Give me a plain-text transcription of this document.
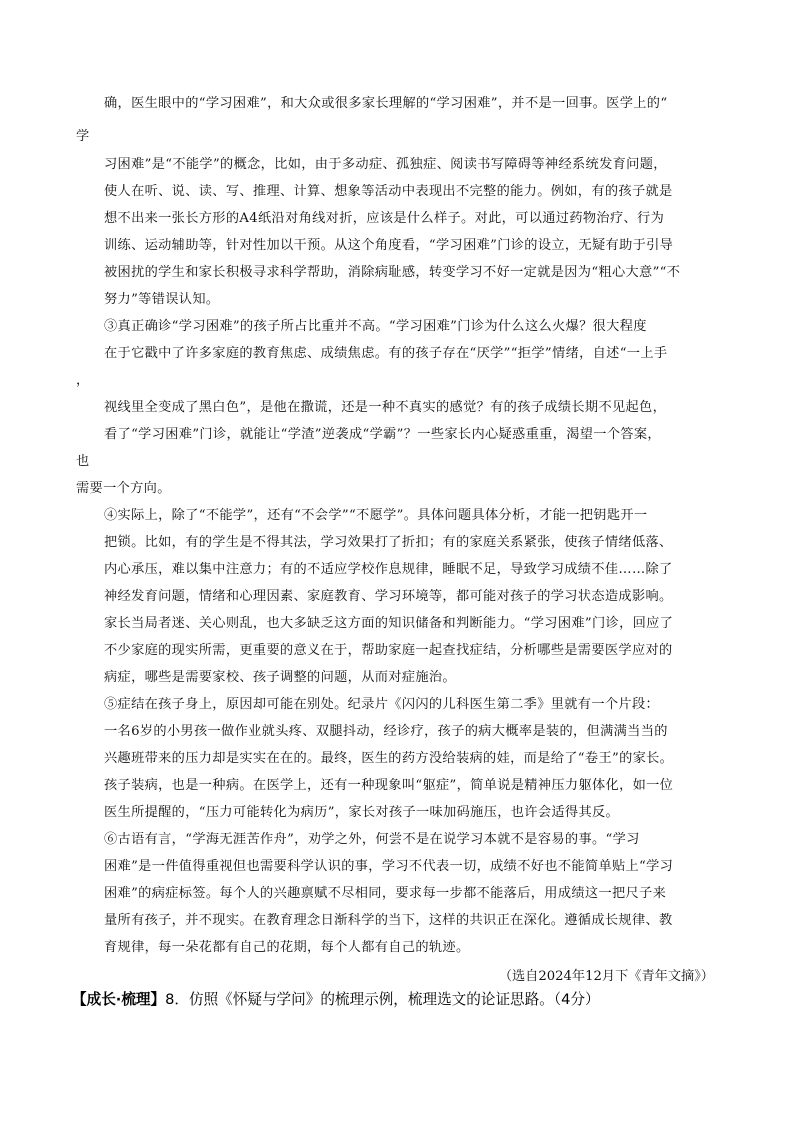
确，医生眼中的“学习困难”，和大众或很多家长理解的“学习困难”，并不是一回事。医学上的“
学
习困难”是“不能学”的概念，比如，由于多动症、孤独症、阅读书写障碍等神经系统发育问题，
使人在听、说、读、写、推理、计算、想象等活动中表现出不完整的能力。例如，有的孩子就是
想不出来一张长方形的A4纸沿对角线对折，应该是什么样子。对此，可以通过药物治疗、行为
训练、运动辅助等，针对性加以干预。从这个角度看，“学习困难”门诊的设立，无疑有助于引导
被困扰的学生和家长积极寻求科学帮助，消除病耻感，转变学习不好一定就是因为“粗心大意”“不
努力”等错误认知。
③真正确诊“学习困难”的孩子所占比重并不高。“学习困难”门诊为什么这么火爆？很大程度
在于它戳中了许多家庭的教育焦虑、成绩焦虑。有的孩子存在“厌学”“拒学”情绪，自述“一上手
，
视线里全变成了黑白色”，是他在撒谎，还是一种不真实的感觉？有的孩子成绩长期不见起色，
看了“学习困难”门诊，就能让“学渣”逆袭成“学霸”？一些家长内心疑惑重重，渴望一个答案，
也
需要一个方向。
④实际上，除了“不能学”，还有“不会学”“不愿学”。具体问题具体分析，才能一把钥匙开一
把锁。比如，有的学生是不得其法，学习效果打了折扣；有的家庭关系紧张，使孩子情绪低落、
内心承压，难以集中注意力；有的不适应学校作息规律，睡眠不足，导致学习成绩不佳……除了
神经发育问题，情绪和心理因素、家庭教育、学习环境等，都可能对孩子的学习状态造成影响。
家长当局者迷、关心则乱，也大多缺乏这方面的知识储备和判断能力。“学习困难”门诊，回应了
不少家庭的现实所需，更重要的意义在于，帮助家庭一起查找症结，分析哪些是需要医学应对的
病症，哪些是需要家校、孩子调整的问题，从而对症施治。
⑤症结在孩子身上，原因却可能在别处。纪录片《闪闪的儿科医生第二季》里就有一个片段：
一名6岁的小男孩一做作业就头疼、双腿抖动，经诊疗，孩子的病大概率是装的，但满满当当的
兴趣班带来的压力却是实实在在的。最终，医生的药方没给装病的娃，而是给了“卷王”的家长。
孩子装病，也是一种病。在医学上，还有一种现象叫“躯症”，简单说是精神压力躯体化，如一位
医生所提醒的，“压力可能转化为病历”，家长对孩子一味加码施压，也许会适得其反。
⑥古语有言，“学海无涯苦作舟”，劝学之外，何尝不是在说学习本就不是容易的事。“学习
困难”是一件值得重视但也需要科学认识的事，学习不代表一切，成绩不好也不能简单贴上“学习
困难”的病症标签。每个人的兴趣禀赋不尽相同，要求每一步都不能落后，用成绩这一把尺子来
量所有孩子，并不现实。在教育理念日渐科学的当下，这样的共识正在深化。遵循成长规律、教
育规律，每一朵花都有自己的花期，每个人都有自己的轨迹。
（选自2024年12月下《青年文摘》）
【成长·梳理】8．仿照《怀疑与学问》的梳理示例，梳理选文的论证思路。（4分）
